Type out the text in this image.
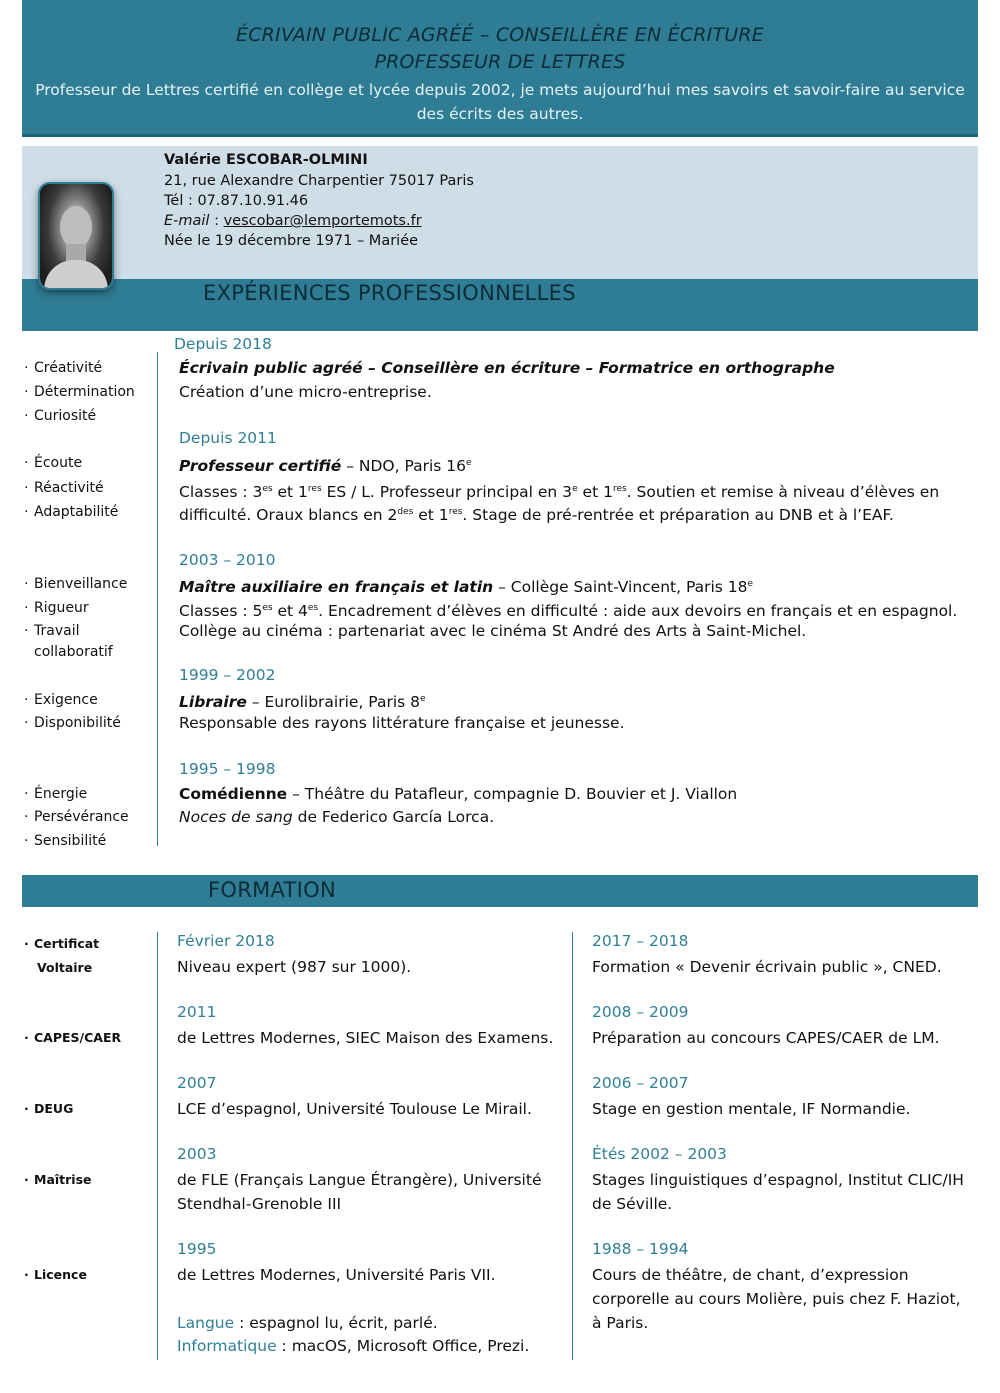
ÉCRIVAIN PUBLIC AGRÉÉ – CONSEILLÈRE EN ÉCRITURE
PROFESSEUR DE LETTRES
Professeur de Lettres certifié en collège et lycée depuis 2002, je mets aujourd’hui mes savoirs et savoir-faire au service des écrits des autres.
Valérie ESCOBAR-OLMINI
21, rue Alexandre Charpentier 75017 Paris
Tél : 07.87.10.91.46
E-mail : vescobar@lemportemots.fr
Née le 19 décembre 1971 – Mariée
EXPÉRIENCES PROFESSIONNELLES
· Créativité
· Détermination
· Curiosité
· Écoute
· Réactivité
· Adaptabilité
· Bienveillance
· Rigueur
· Travail
collaboratif
· Exigence
· Disponibilité
· Énergie
· Persévérance
· Sensibilité
Depuis 2018
Écrivain public agréé – Conseillère en écriture – Formatrice en orthographe
Création d’une micro-entreprise.
Depuis 2011
Professeur certifié – NDO, Paris 16e
Classes : $3^{es}$ et 1res ES / L. Professeur principal en 3e et 1res. Soutien et remise à niveau d’élèves en
difficulté. Oraux blancs en $2^{des}$ et 1res. Stage de pré-rentrée et préparation au DNB et à l’EAF.
2003 – 2010
Maître auxiliaire en français et latin – Collège Saint-Vincent, Paris 18e
Classes : $5^{es}$ et $4^{es}$. Encadrement d’élèves en difficulté : aide aux devoirs en français et en espagnol.
Collège au cinéma : partenariat avec le cinéma St André des Arts à Saint-Michel.
1999 – 2002
Libraire – Eurolibrairie, Paris 8e
Responsable des rayons littérature française et jeunesse.
1995 – 1998
Comédienne – Théâtre du Patafleur, compagnie D. Bouvier et J. Viallon
Noces de sang de Federico García Lorca.
FORMATION
· Certificat
Voltaire
· CAPES/CAER
· DEUG
· Maîtrise
· Licence
Février 2018
Niveau expert (987 sur 1000).
2011
de Lettres Modernes, SIEC Maison des Examens.
2007
LCE d’espagnol, Université Toulouse Le Mirail.
2003
de FLE (Français Langue Étrangère), Université
Stendhal-Grenoble III
1995
de Lettres Modernes, Université Paris VII.
Langue : espagnol lu, écrit, parlé.
Informatique : macOS, Microsoft Office, Prezi.
2017 – 2018
Formation « Devenir écrivain public », CNED.
2008 – 2009
Préparation au concours CAPES/CAER de LM.
2006 – 2007
Stage en gestion mentale, IF Normandie.
Étés 2002 – 2003
Stages linguistiques d’espagnol, Institut CLIC/IH
de Séville.
1988 – 1994
Cours de théâtre, de chant, d’expression
corporelle au cours Molière, puis chez F. Haziot,
à Paris.
